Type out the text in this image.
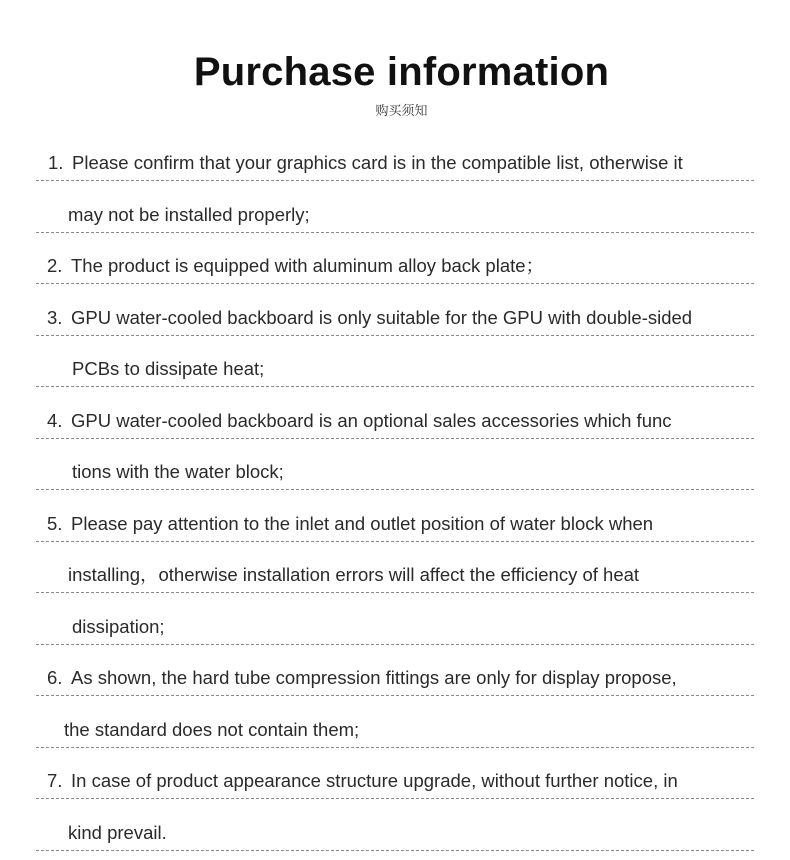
Purchase information
购买须知
1. Please confirm that your graphics card is in the compatible list, otherwise it
may not be installed properly;
2. The product is equipped with aluminum alloy back plate；
3. GPU water-cooled backboard is only suitable for the GPU with double-sided
PCBs to dissipate heat;
4. GPU water-cooled backboard is an optional sales accessories which func
tions with the water block;
5. Please pay attention to the inlet and outlet position of water block when
installing，otherwise installation errors will affect the efficiency of heat
dissipation;
6. As shown, the hard tube compression fittings are only for display propose,
the standard does not contain them;
7. In case of product appearance structure upgrade, without further notice, in
kind prevail.
